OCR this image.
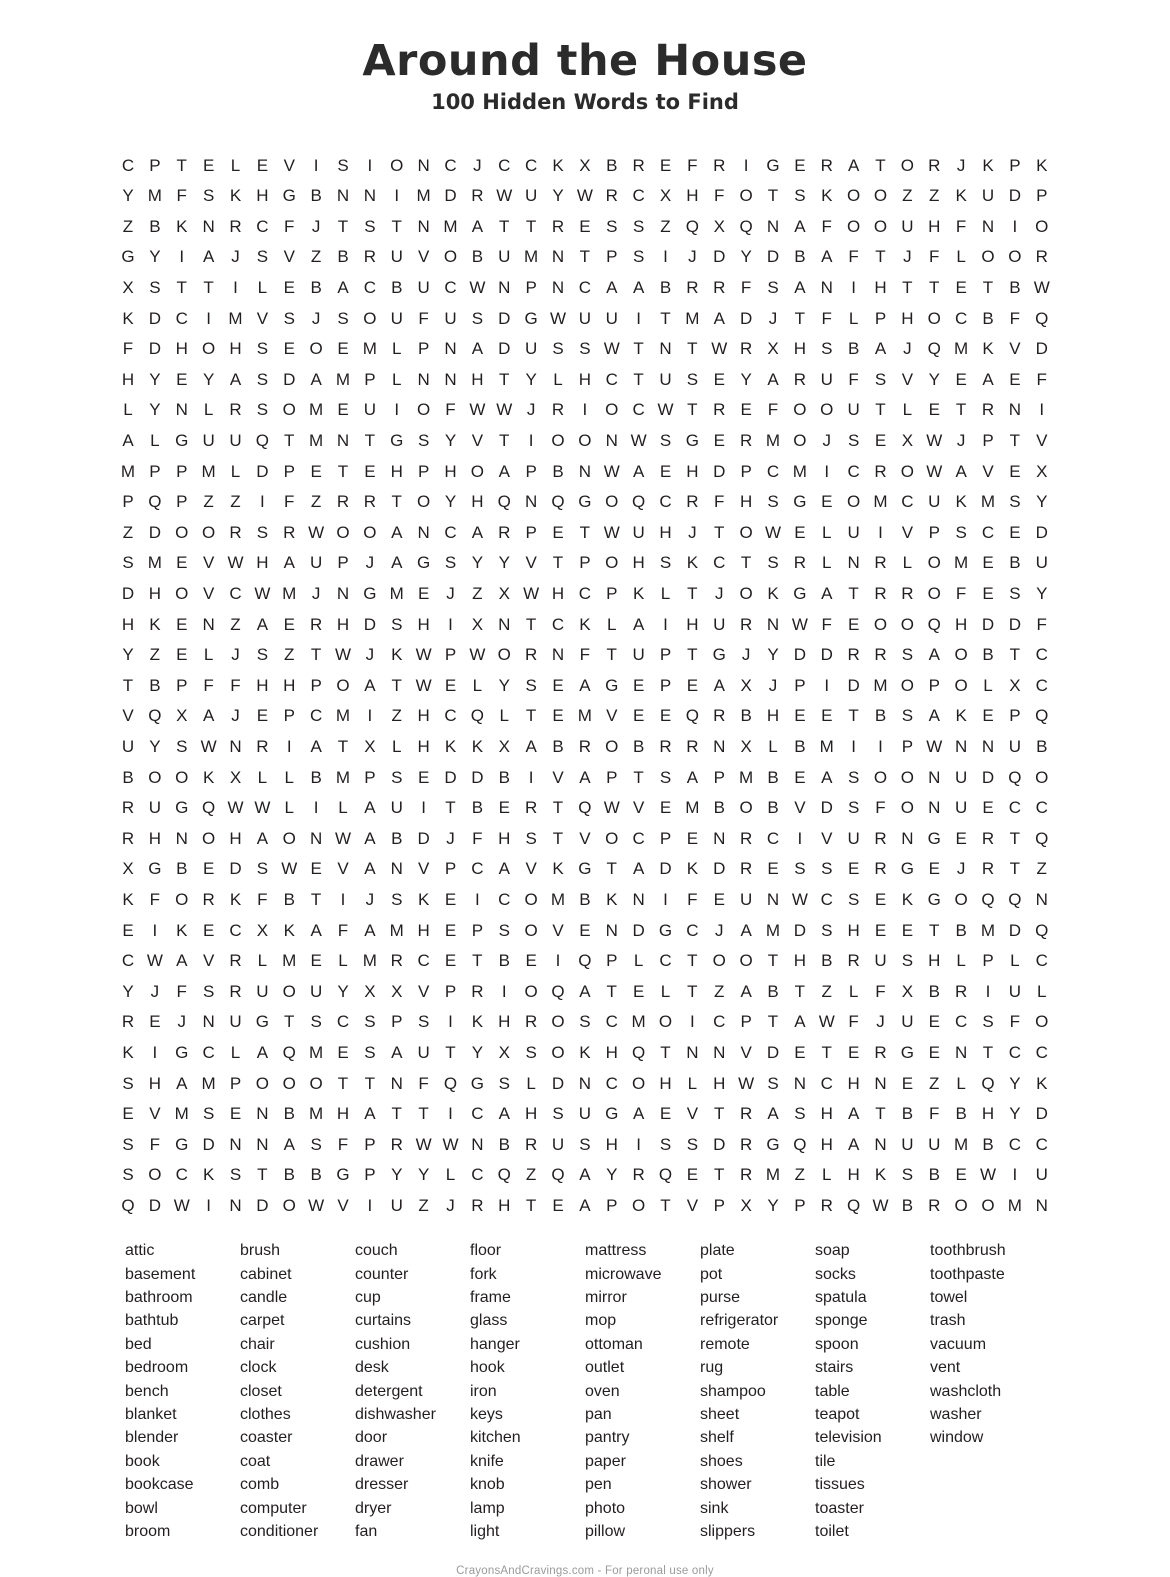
Around the House
100 Hidden Words to Find
C P T E L E V	I	S	I	O N C J C C K X B R E F R	I	G E R A T O R J K P K
Y M F S K H G B N N	I	M D R W U Y W R C X H F O T S K O O Z Z K U D P
Z B K N R C F	J	T S T N M A T T R E S S Z Q X Q N A F O O U H F N	I	O
G Y	I	A J S V Z B R U V O B U M N T P S	I	J D Y D B A F T	J	F L O O R
X S T T	I	L E B A C B U C W N P N C A A B R R F S A N	I	H T T E T B W
K D C	I	M V S J S O U F U S D G W U U	I	T M A D J	T F L P H O C B F Q
F D H O H S E O E M L P N A D U S S W T N T W R X H S B A J Q M K V D
H Y E Y A S D A M P L N N H T Y L H C T U S E Y A R U F S V Y E A E F
L Y N L R S O M E U	I	O F W W J R	I	O C W T R E F O O U T L E T R N	I
A L G U U Q T M N T G S Y V T	I	O O N W S G E R M O J S E X W J P T V
M P P M L D P E T E H P H O A P B N W A E H D P C M	I	C R O W A V E X
P Q P Z Z	I	F Z R R T O Y H Q N Q G O Q C R F H S G E O M C U K M S Y
Z D O O R S R W O O A N C A R P E T W U H J	T O W E L U	I	V P S C E D
S M E V W H A U P J A G S Y Y V T P O H S K C T S R L N R L O M E B U
D H O V C W M J N G M E J	Z X W H C P K L T	J O K G A T R R O F E S Y
H K E N Z A E R H D S H	I	X N T C K L A	I	H U R N W F E O O Q H D D F
Y Z E L	J S Z T W J K W P W O R N F T U P T G J Y D D R R S A O B T C
T B P F F H H P O A T W E L Y S E A G E P E A X J P	I	D M O P O L X C
V Q X A J E P C M	I	Z H C Q L T E M V E E Q R B H E E T B S A K E P Q
U Y S W N R	I	A T X L H K K X A B R O B R R N X L B M	I	I	P W N N U B
B O O K X L	L B M P S E D D B	I	V A P T S A P M B E A S O O N U D Q O
R U G Q W W L	I	L A U	I	T B E R T Q W V E M B O B V D S F O N U E C C
R H N O H A O N W A B D J	F H S T V O C P E N R C	I	V U R N G E R T Q
X G B E D S W E V A N V P C A V K G T A D K D R E S S E R G E J R T Z
K F O R K F B T	I	J S K E	I	C O M B K N	I	F E U N W C S E K G O Q Q N
E	I	K E C X K A F A M H E P S O V E N D G C J A M D S H E E T B M D Q
C W A V R L M E L M R C E T B E	I	Q P L C T O O T H B R U S H L P L C
Y J	F S R U O U Y X X V P R	I	O Q A T E L T Z A B T Z L F X B R	I	U L
R E J N U G T S C S P S	I	K H R O S C M O	I	C P T A W F	J U E C S F O
K	I	G C L A Q M E S A U T Y X S O K H Q T N N V D E T E R G E N T C C
S H A M P O O O T T N F Q G S L D N C O H L H W S N C H N E Z L Q Y K
E V M S E N B M H A T T	I	C A H S U G A E V T R A S H A T B F B H Y D
S F G D N N A S F P R W W N B R U S H	I	S S D R G Q H A N U U M B C C
S O C K S T B B G P Y Y L C Q Z Q A Y R Q E T R M Z L H K S B E W I	U
Q D W I	N D O W V	I	U Z	J R H T E A P O T V P X Y P R Q W B R O O M N
attic
basement
bathroom
bathtub
bed
bedroom
bench
blanket
blender
book
bookcase
bowl
broom
brush
cabinet
candle
carpet
chair
clock
closet
clothes
coaster
coat
comb
computer
conditioner
couch
counter
cup
curtains
cushion
desk
detergent
dishwasher
door
drawer
dresser
dryer
fan
floor
fork
frame
glass
hanger
hook
iron
keys
kitchen
knife
knob
lamp
light
mattress
microwave
mirror
mop
ottoman
outlet
oven
pan
pantry
paper
pen
photo
pillow
plate
pot
purse
refrigerator
remote
rug
shampoo
sheet
shelf
shoes
shower
sink
slippers
soap
socks
spatula
sponge
spoon
stairs
table
teapot
television
tile
tissues
toaster
toilet
toothbrush
toothpaste
towel
trash
vacuum
vent
washcloth
washer
window
CrayonsAndCravings.com - For peronal use only
